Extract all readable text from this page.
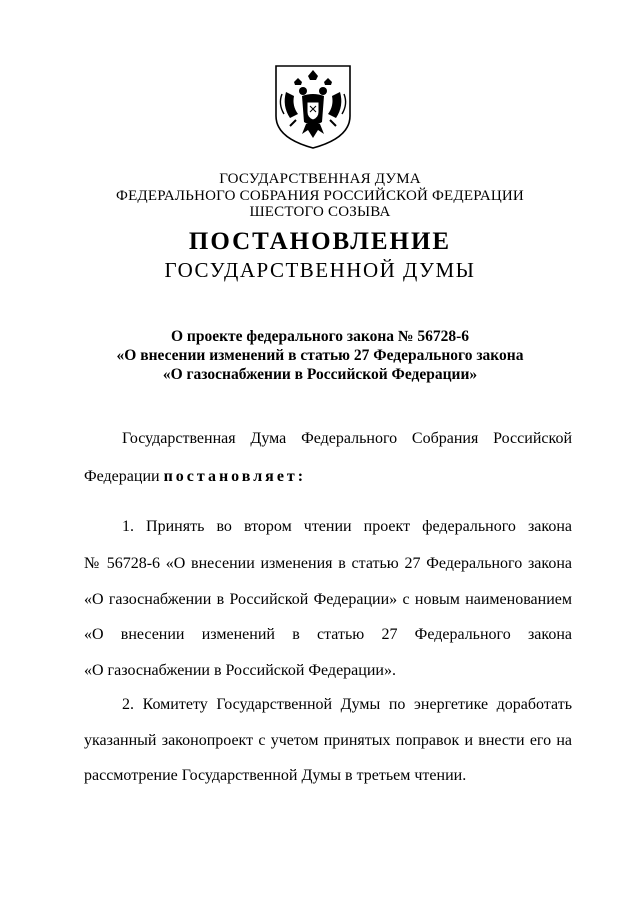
ГОСУДАРСТВЕННАЯ ДУМА
ФЕДЕРАЛЬНОГО СОБРАНИЯ РОССИЙСКОЙ ФЕДЕРАЦИИ
ШЕСТОГО СОЗЫВА
ПОСТАНОВЛЕНИЕ
ГОСУДАРСТВЕННОЙ ДУМЫ
О проекте федерального закона № 56728-6
«О внесении изменений в статью 27 Федерального закона
«О газоснабжении в Российской Федерации»
Государственная Дума Федерального Собрания Российской
Федерации постановляет:
1. Принять во втором чтении проект федерального закона
№ 56728-6 «О внесении изменения в статью 27 Федерального закона
«О газоснабжении в Российской Федерации» с новым наименованием
«О внесении изменений в статью 27 Федерального закона
«О газоснабжении в Российской Федерации».
2. Комитету Государственной Думы по энергетике доработать
указанный законопроект с учетом принятых поправок и внести его на
рассмотрение Государственной Думы в третьем чтении.
